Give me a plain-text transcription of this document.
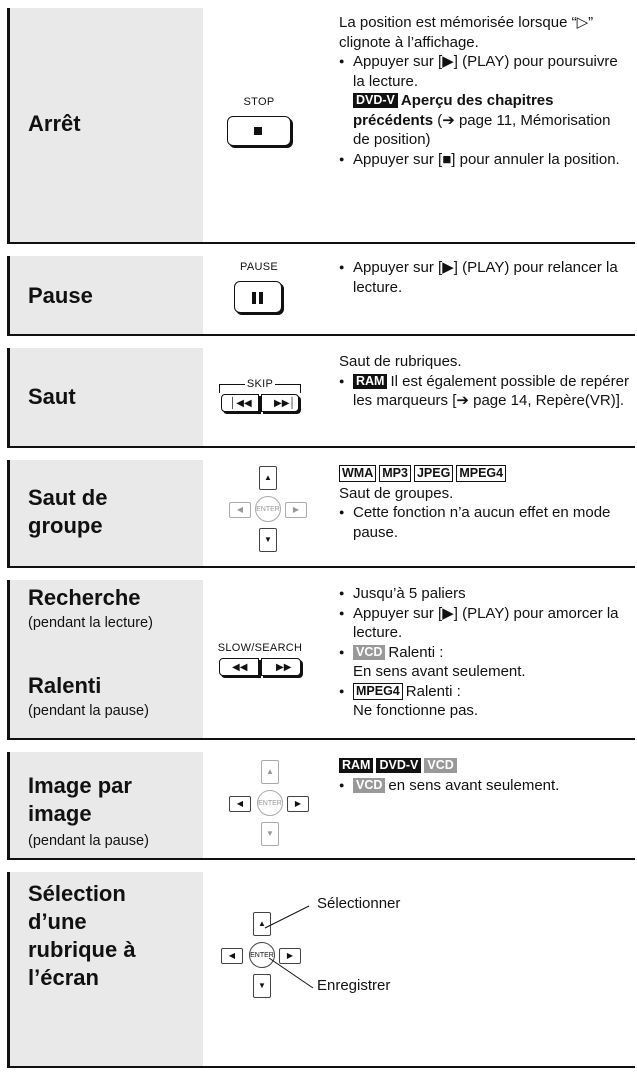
Arrêt
STOP

La position est mémorisée lorsque “▷” clignote à l’affichage.

● Appuyer sur [▶] (PLAY) pour poursuivre la lecture.

DVD-V Aperçu des chapitres précédents (➔ page 11, Mémorisation de position)

● Appuyer sur [■] pour annuler la position.

Pause
PAUSE

●	Appuyer sur [▶] (PLAY) pour relancer la lecture.

Saut	SKIP
│◀◀ ▶▶│

Saut de rubriques.

● RAM Il est également possible de repérer les marqueurs [➔ page 14, Repère(VR)].

Saut de
groupe
▲
◀	ENTER	▶
▼

WMA MP3 JPEG MPEG4

Saut de groupes.

● Cette fonction n’a aucun effet en mode pause.

Recherche
(pendant la lecture)
Ralenti
(pendant la pause)
SLOW/SEARCH
◀◀	▶▶

● Jusqu’à 5 paliers

● Appuyer sur [▶] (PLAY) pour amorcer la lecture.

● VCD Ralenti :

En sens avant seulement.

● MPEG4 Ralenti :

Ne fonctionne pas.

Image par
image
(pendant la pause)
▲
◀	ENTER	▶
▼

RAM DVD-V VCD

● VCD en sens avant seulement.

Sélection
d’une
rubrique à
l’écran
▲
◀	ENTER	▶
▼
Sélectionner
Enregistrer
